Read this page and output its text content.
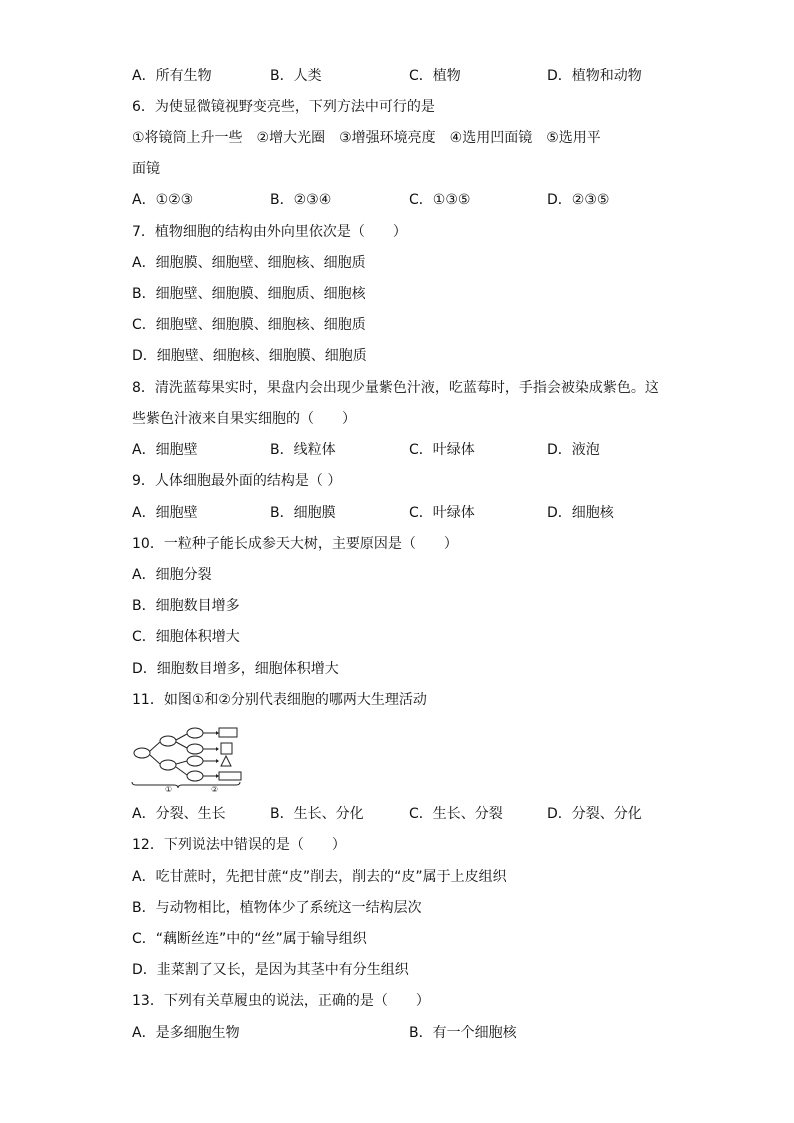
A．所有生物	B．人类	C．植物	D．植物和动物
6．为使显微镜视野变亮些，下列方法中可行的是
①将镜筒上升一些　②增大光圈　③增强环境亮度　④选用凹面镜　⑤选用平
面镜
A．①②③	B．②③④	C．①③⑤	D．②③⑤
7．植物细胞的结构由外向里依次是（　　）
A．细胞膜、细胞壁、细胞核、细胞质
B．细胞壁、细胞膜、细胞质、细胞核
C．细胞壁、细胞膜、细胞核、细胞质
D．细胞壁、细胞核、细胞膜、细胞质
8．清洗蓝莓果实时，果盘内会出现少量紫色汁液，吃蓝莓时，手指会被染成紫色。这
些紫色汁液来自果实细胞的（　　）
A．细胞壁	B．线粒体	C．叶绿体	D．液泡
9．人体细胞最外面的结构是（ ）
A．细胞壁	B．细胞膜	C．叶绿体	D．细胞核
10．一粒种子能长成参天大树，主要原因是（　　）
A．细胞分裂
B．细胞数目增多
C．细胞体积增大
D．细胞数目增多，细胞体积增大
11．如图①和②分别代表细胞的哪两大生理活动
①	②
A．分裂、生长	B．生长、分化	C．生长、分裂	D．分裂、分化
12．下列说法中错误的是（　　）
A．吃甘蔗时，先把甘蔗“皮”削去，削去的“皮”属于上皮组织
B．与动物相比，植物体少了系统这一结构层次
C．“藕断丝连”中的“丝”属于输导组织
D．韭菜割了又长，是因为其茎中有分生组织
13．下列有关草履虫的说法，正确的是（　　）
A．是多细胞生物	B．有一个细胞核
